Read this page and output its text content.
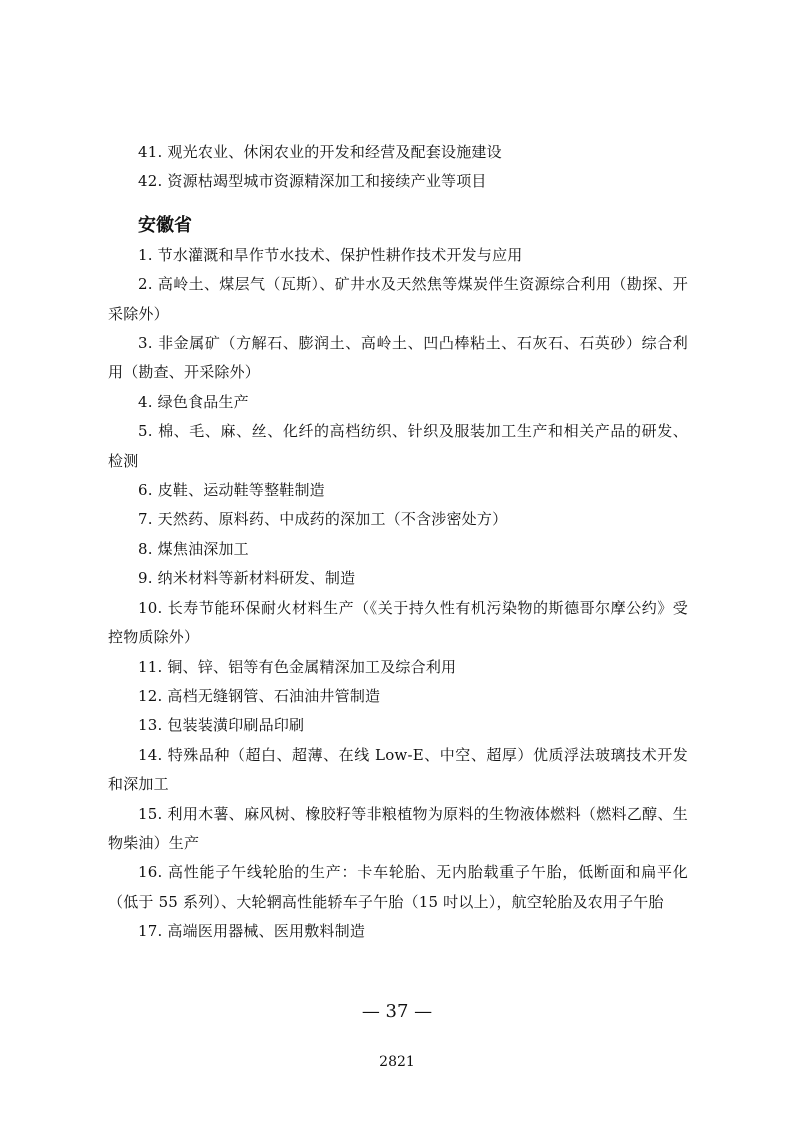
41. 观光农业、休闲农业的开发和经营及配套设施建设

42. 资源枯竭型城市资源精深加工和接续产业等项目

安徽省

1. 节水灌溉和旱作节水技术、保护性耕作技术开发与应用

2. 高岭土、煤层气（瓦斯）、矿井水及天然焦等煤炭伴生资源综合利用（勘探、开采除外）

3. 非金属矿（方解石、膨润土、高岭土、凹凸棒粘土、石灰石、石英砂）综合利用（勘查、开采除外）

4. 绿色食品生产

5. 棉、毛、麻、丝、化纤的高档纺织、针织及服装加工生产和相关产品的研发、检测

6. 皮鞋、运动鞋等整鞋制造

7. 天然药、原料药、中成药的深加工（不含涉密处方）

8. 煤焦油深加工

9. 纳米材料等新材料研发、制造

10. 长寿节能环保耐火材料生产（《关于持久性有机污染物的斯德哥尔摩公约》受控物质除外）

11. 铜、锌、铝等有色金属精深加工及综合利用

12. 高档无缝钢管、石油油井管制造

13. 包装装潢印刷品印刷

14. 特殊品种（超白、超薄、在线 Low-E、中空、超厚）优质浮法玻璃技术开发和深加工

15. 利用木薯、麻风树、橡胶籽等非粮植物为原料的生物液体燃料（燃料乙醇、生物柴油）生产

16. 高性能子午线轮胎的生产：卡车轮胎、无内胎载重子午胎，低断面和扁平化（低于 55 系列）、大轮辋高性能轿车子午胎（15 吋以上），航空轮胎及农用子午胎

17. 高端医用器械、医用敷料制造

— 37 —
2821
